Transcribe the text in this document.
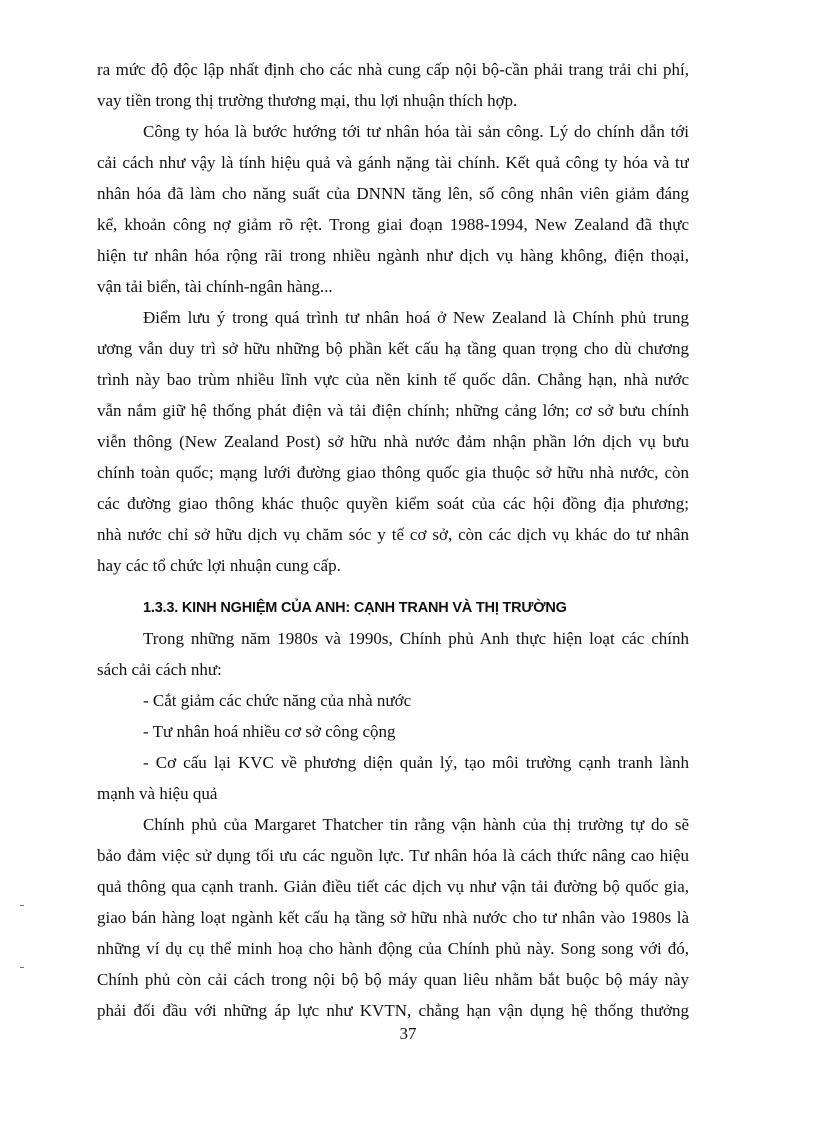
ra mức độ độc lập nhất định cho các nhà cung cấp nội bộ-cần phải trang trải chi phí,
vay tiền trong thị trường thương mại, thu lợi nhuận thích hợp.
Công ty hóa là bước hướng tới tư nhân hóa tài sản công. Lý do chính dẫn tới
cải cách như vậy là tính hiệu quả và gánh nặng tài chính. Kết quả công ty hóa và tư
nhân hóa đã làm cho năng suất của DNNN tăng lên, số công nhân viên giảm đáng
kể, khoản công nợ giảm rõ rệt. Trong giai đoạn 1988-1994, New Zealand đã thực
hiện tư nhân hóa rộng rãi trong nhiều ngành như dịch vụ hàng không, điện thoại,
vận tải biển, tài chính-ngân hàng...
Điểm lưu ý trong quá trình tư nhân hoá ở New Zealand là Chính phủ trung
ương vẫn duy trì sở hữu những bộ phần kết cấu hạ tầng quan trọng cho dù chương
trình này bao trùm nhiều lĩnh vực của nền kinh tế quốc dân. Chẳng hạn, nhà nước
vẫn nắm giữ hệ thống phát điện và tải điện chính; những cảng lớn; cơ sở bưu chính
viễn thông (New Zealand Post) sở hữu nhà nước đảm nhận phần lớn dịch vụ bưu
chính toàn quốc; mạng lưới đường giao thông quốc gia thuộc sở hữu nhà nước, còn
các đường giao thông khác thuộc quyền kiểm soát của các hội đồng địa phương;
nhà nước chỉ sở hữu dịch vụ chăm sóc y tế cơ sở, còn các dịch vụ khác do tư nhân
hay các tổ chức lợi nhuận cung cấp.
1.3.3. KINH NGHIỆM CỦA ANH: CẠNH TRANH VÀ THỊ TRƯỜNG
Trong những năm 1980s và 1990s, Chính phủ Anh thực hiện loạt các chính
sách cải cách như:
- Cắt giảm các chức năng của nhà nước
- Tư nhân hoá nhiều cơ sở công cộng
- Cơ cấu lại KVC về phương diện quản lý, tạo môi trường cạnh tranh lành
mạnh và hiệu quả
Chính phủ của Margaret Thatcher tin rằng vận hành của thị trường tự do sẽ
bảo đảm việc sử dụng tối ưu các nguồn lực. Tư nhân hóa là cách thức nâng cao hiệu
quả thông qua cạnh tranh. Giản điều tiết các dịch vụ như vận tải đường bộ quốc gia,
giao bán hàng loạt ngành kết cấu hạ tầng sở hữu nhà nước cho tư nhân vào 1980s là
những ví dụ cụ thể minh hoạ cho hành động của Chính phủ này. Song song với đó,
Chính phủ còn cải cách trong nội bộ bộ máy quan liêu nhằm bắt buộc bộ máy này
phải đối đầu với những áp lực như KVTN, chẳng hạn vận dụng hệ thống thưởng
37
